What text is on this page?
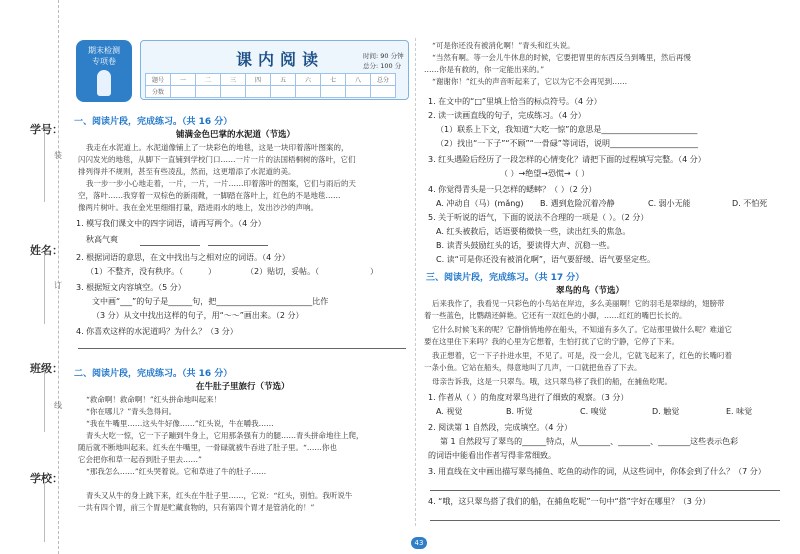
学号：
姓名：
班级：
学校：
装
订
线
期末检测
专项卷	课内阅读	时间: 90 分钟
总分: 100 分
题号	一	二	三	四	五	六	七	八	总分
分数									
一、阅读片段，完成练习。（共 16 分）
铺满金色巴掌的水泥道（节选）
我走在水泥道上。水泥道像铺上了一块彩色的地毯，这是一块印着落叶图案的，
闪闪发光的地毯，从脚下一直铺到学校门口……一片一片的法国梧桐树的落叶，它们
排列得并不规则，甚至有些凌乱，然而，这更增添了水泥道的美。
我一步一步小心地走着，一片，一片，一片……印着落叶的图案，它们与雨后的天
空，落叶……我穿着一双棕色的新雨靴，一脚踏在落叶上，红色的不是地毯……
像两片树叶。我在金光里细细打量，踏进雨水的地上，发出沙沙的声响。
1. 模写我们课文中的四字词语，请再写两个。（4 分）
秋高气爽
2. 根据词语的意思，在文中找出与之相对应的词语。（4 分）
（1）不整齐，没有秩序。（	）	（2）贴切，妥帖。（	）
3. 根据短文内容填空。（5 分）
文中画“___”的句子是______句，把________________________比作
（3 分）从文中找出这样的句子，用“～～”画出来。（2 分）
4. 你喜欢这样的水泥道吗？为什么？（3 分）
二、阅读片段，完成练习。（共 16 分）
在牛肚子里旅行（节选）
“救命啊！救命啊！”红头拼命地叫起来！
“你在哪儿？”青头急得问。
“我在牛嘴里……这头牛好像……”红头说，牛在嚼我……
青头大吃一惊，它一下子蹦到牛身上，它用那条强有力的腿……青头拼命地往上爬，
随后就不断地叫起来。红头在牛嘴里，一骨碌就被牛吞进了肚子里。“……你也
它会把你和草一起吞到肚子里去……”
“那我怎么……”红头哭着说。它和草进了牛的肚子……
青头又从牛的身上跳下来，红头在牛肚子里……，它说：“红头，别怕。我听说牛
一共有四个胃，前三个胃是贮藏食物的，只有第四个胃才是管消化的！”
“可是你还没有被消化啊！”青头和红头说。
“当然有啊。等一会儿牛休息的时候，它要把胃里的东西反刍到嘴里，然后再慢
……你是有救的，你一定能出来的。”
“谢谢你！”红头的声音听起来了，它以为它不会再见到……
1. 在文中的“□”里填上恰当的标点符号。（4 分）
2. 读一读画直线的句子，完成练习。（4 分）
（1）联系上下文，我知道“大吃一惊”的意思是________________________
（2）找出“一下子”“不顾”“一骨碌”等词语，说明______________________
3. 红头遇险后经历了一段怎样的心情变化？请把下面的过程填写完整。（4 分）
（ ）→绝望→恐慌→（ ）
4. 你觉得青头是一只怎样的蟋蟀？（ ）（2 分）
A. 冲动自（马）(mǎng) B. 遇到危险沉着冷静	C. 弱小无能	D. 不怕死
5. 关于听说的语气，下面的说法不合理的一项是（ ）。（2 分）
A. 红头被救后，话语要稍微快一些，读出红头的焦急。
B. 读青头鼓励红头的话，要读得大声、沉稳一些。
C. 读“可是你还没有被消化啊”，语气要舒缓、语气要坚定些。
三、阅读片段，完成练习。（共 17 分）
翠鸟的鸟（节选）
后来我作了，我看见一只彩色的小鸟站在岸边，多么美丽啊！它的羽毛是翠绿的，翅膀带
着一些蓝色，比鹦鹉还鲜艳。它还有一双红色的小脚，……红红的嘴巴长长的。
它什么时候飞来的呢？它静悄悄地停在船头，不知道有多久了。它站那里做什么呢？难道它
要在这里住下来吗？我的心里为它想着，生怕打扰了它的宁静，它停了下来。
我正想着，它一下子扑进水里，不见了。可是，没一会儿，它就飞起来了，红色的长嘴叼着
一条小鱼。它站在船头，得意地叫了几声，一口就把鱼吞了下去。
母亲告诉我，这是一只翠鸟。哦，这只翠鸟移了我们的船，在捕鱼吃呢。
1. 作者从（ ）的角度对翠鸟进行了细致的观察。（3 分）
A. 视觉	B. 听觉	C. 嗅觉	D. 触觉	E. 味觉
2. 阅读第 1 自然段，完成填空。（4 分）
第 1 自然段写了翠鸟的______特点，从________、________、________这些表示色彩
的词语中能看出作者写得非常细致。
3. 用直线在文中画出描写翠鸟捕鱼、吃鱼的动作的词，从这些词中，你体会到了什么？（7 分）
4. “哦，这只翠鸟搭了我们的船，在捕鱼吃呢”一句中“搭”字好在哪里？（3 分）
43
